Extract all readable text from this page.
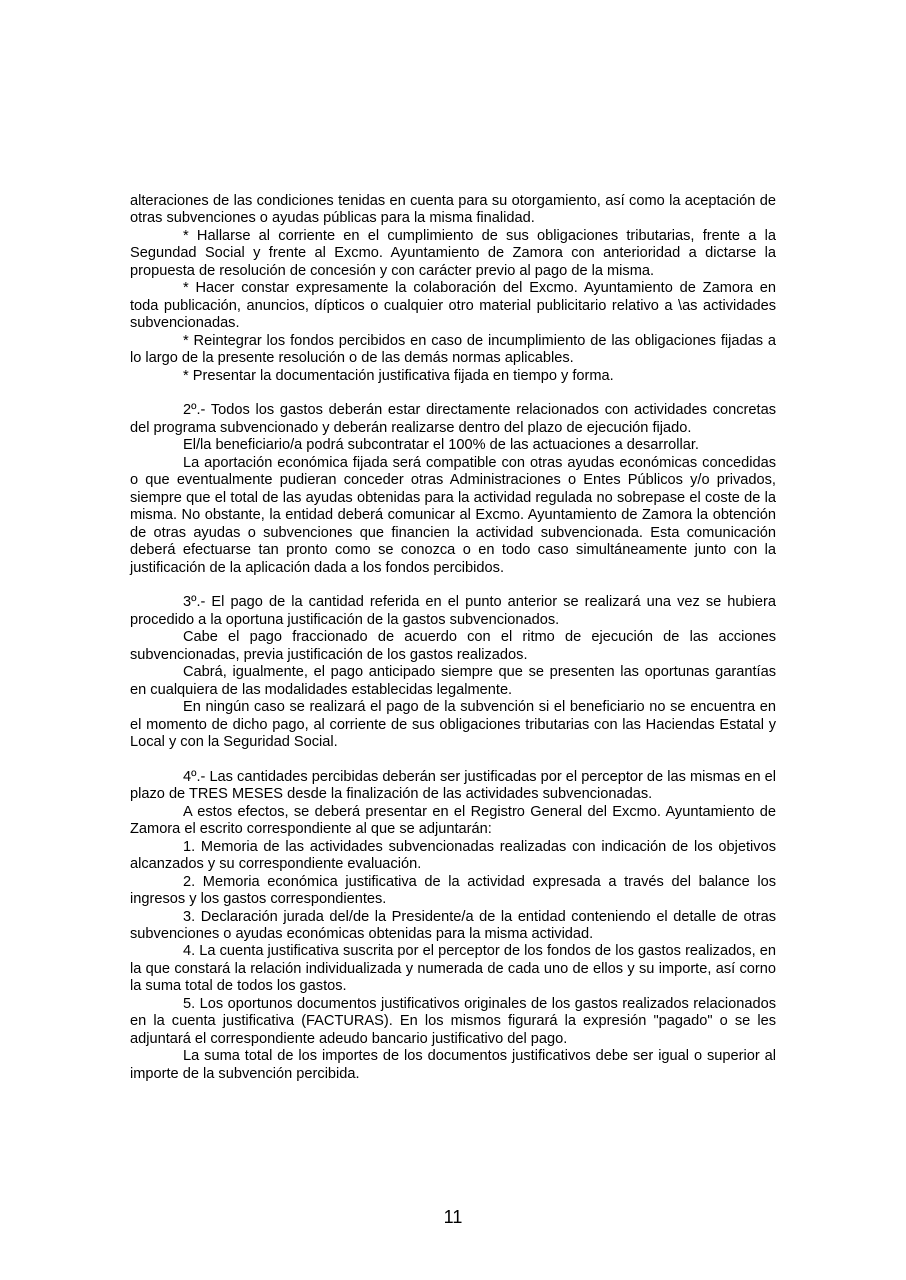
alteraciones de las condiciones tenidas en cuenta para su otorgamiento, así como la aceptación de otras subvenciones o ayudas públicas para la misma finalidad.

* Hallarse al corriente en el cumplimiento de sus obligaciones tributarias, frente a la Segundad Social y frente al Excmo. Ayuntamiento de Zamora con anterioridad a dictarse la propuesta de resolución de concesión y con carácter previo al pago de la misma.

* Hacer constar expresamente la colaboración del Excmo. Ayuntamiento de Zamora en toda publicación, anuncios, dípticos o cualquier otro material publicitario relativo a \as actividades subvencionadas.

* Reintegrar los fondos percibidos en caso de incumplimiento de las obligaciones fijadas a lo largo de la presente resolución o de las demás normas aplicables.

* Presentar la documentación justificativa fijada en tiempo y forma.

2º.- Todos los gastos deberán estar directamente relacionados con actividades concretas del programa subvencionado y deberán realizarse dentro del plazo de ejecución fijado.

El/la beneficiario/a podrá subcontratar el 100% de las actuaciones a desarrollar.

La aportación económica fijada será compatible con otras ayudas económicas concedidas o que eventualmente pudieran conceder otras Administraciones o Entes Públicos y/o privados, siempre que el total de las ayudas obtenidas para la actividad regulada no sobrepase el coste de la misma. No obstante, la entidad deberá comunicar al Excmo. Ayuntamiento de Zamora la obtención de otras ayudas o subvenciones que financien la actividad subvencionada. Esta comunicación deberá efectuarse tan pronto como se conozca o en todo caso simultáneamente junto con la justificación de la aplicación dada a los fondos percibidos.

3º.- El pago de la cantidad referida en el punto anterior se realizará una vez se hubiera procedido a la oportuna justificación de la gastos subvencionados.

Cabe el pago fraccionado de acuerdo con el ritmo de ejecución de las acciones subvencionadas, previa justificación de los gastos realizados.

Cabrá, igualmente, el pago anticipado siempre que se presenten las oportunas garantías en cualquiera de las modalidades establecidas legalmente.

En ningún caso se realizará el pago de la subvención si el beneficiario no se encuentra en el momento de dicho pago, al corriente de sus obligaciones tributarias con las Haciendas Estatal y Local y con la Seguridad Social.

4º.- Las cantidades percibidas deberán ser justificadas por el perceptor de las mismas en el plazo de TRES MESES desde la finalización de las actividades subvencionadas.

A estos efectos, se deberá presentar en el Registro General del Excmo. Ayuntamiento de Zamora el escrito correspondiente al que se adjuntarán:

1. Memoria de las actividades subvencionadas realizadas con indicación de los objetivos alcanzados y su correspondiente evaluación.

2. Memoria económica justificativa de la actividad expresada a través del balance los ingresos y los gastos correspondientes.

3. Declaración jurada del/de la Presidente/a de la entidad conteniendo el detalle de otras subvenciones o ayudas económicas obtenidas para la misma actividad.

4. La cuenta justificativa suscrita por el perceptor de los fondos de los gastos realizados, en la que constará la relación individualizada y numerada de cada uno de ellos y su importe, así corno la suma total de todos los gastos.

5. Los oportunos documentos justificativos originales de los gastos realizados relacionados en la cuenta justificativa (FACTURAS). En los mismos figurará la expresión "pagado" o se les adjuntará el correspondiente adeudo bancario justificativo del pago.

La suma total de los importes de los documentos justificativos debe ser igual o superior al importe de la subvención percibida.

11
